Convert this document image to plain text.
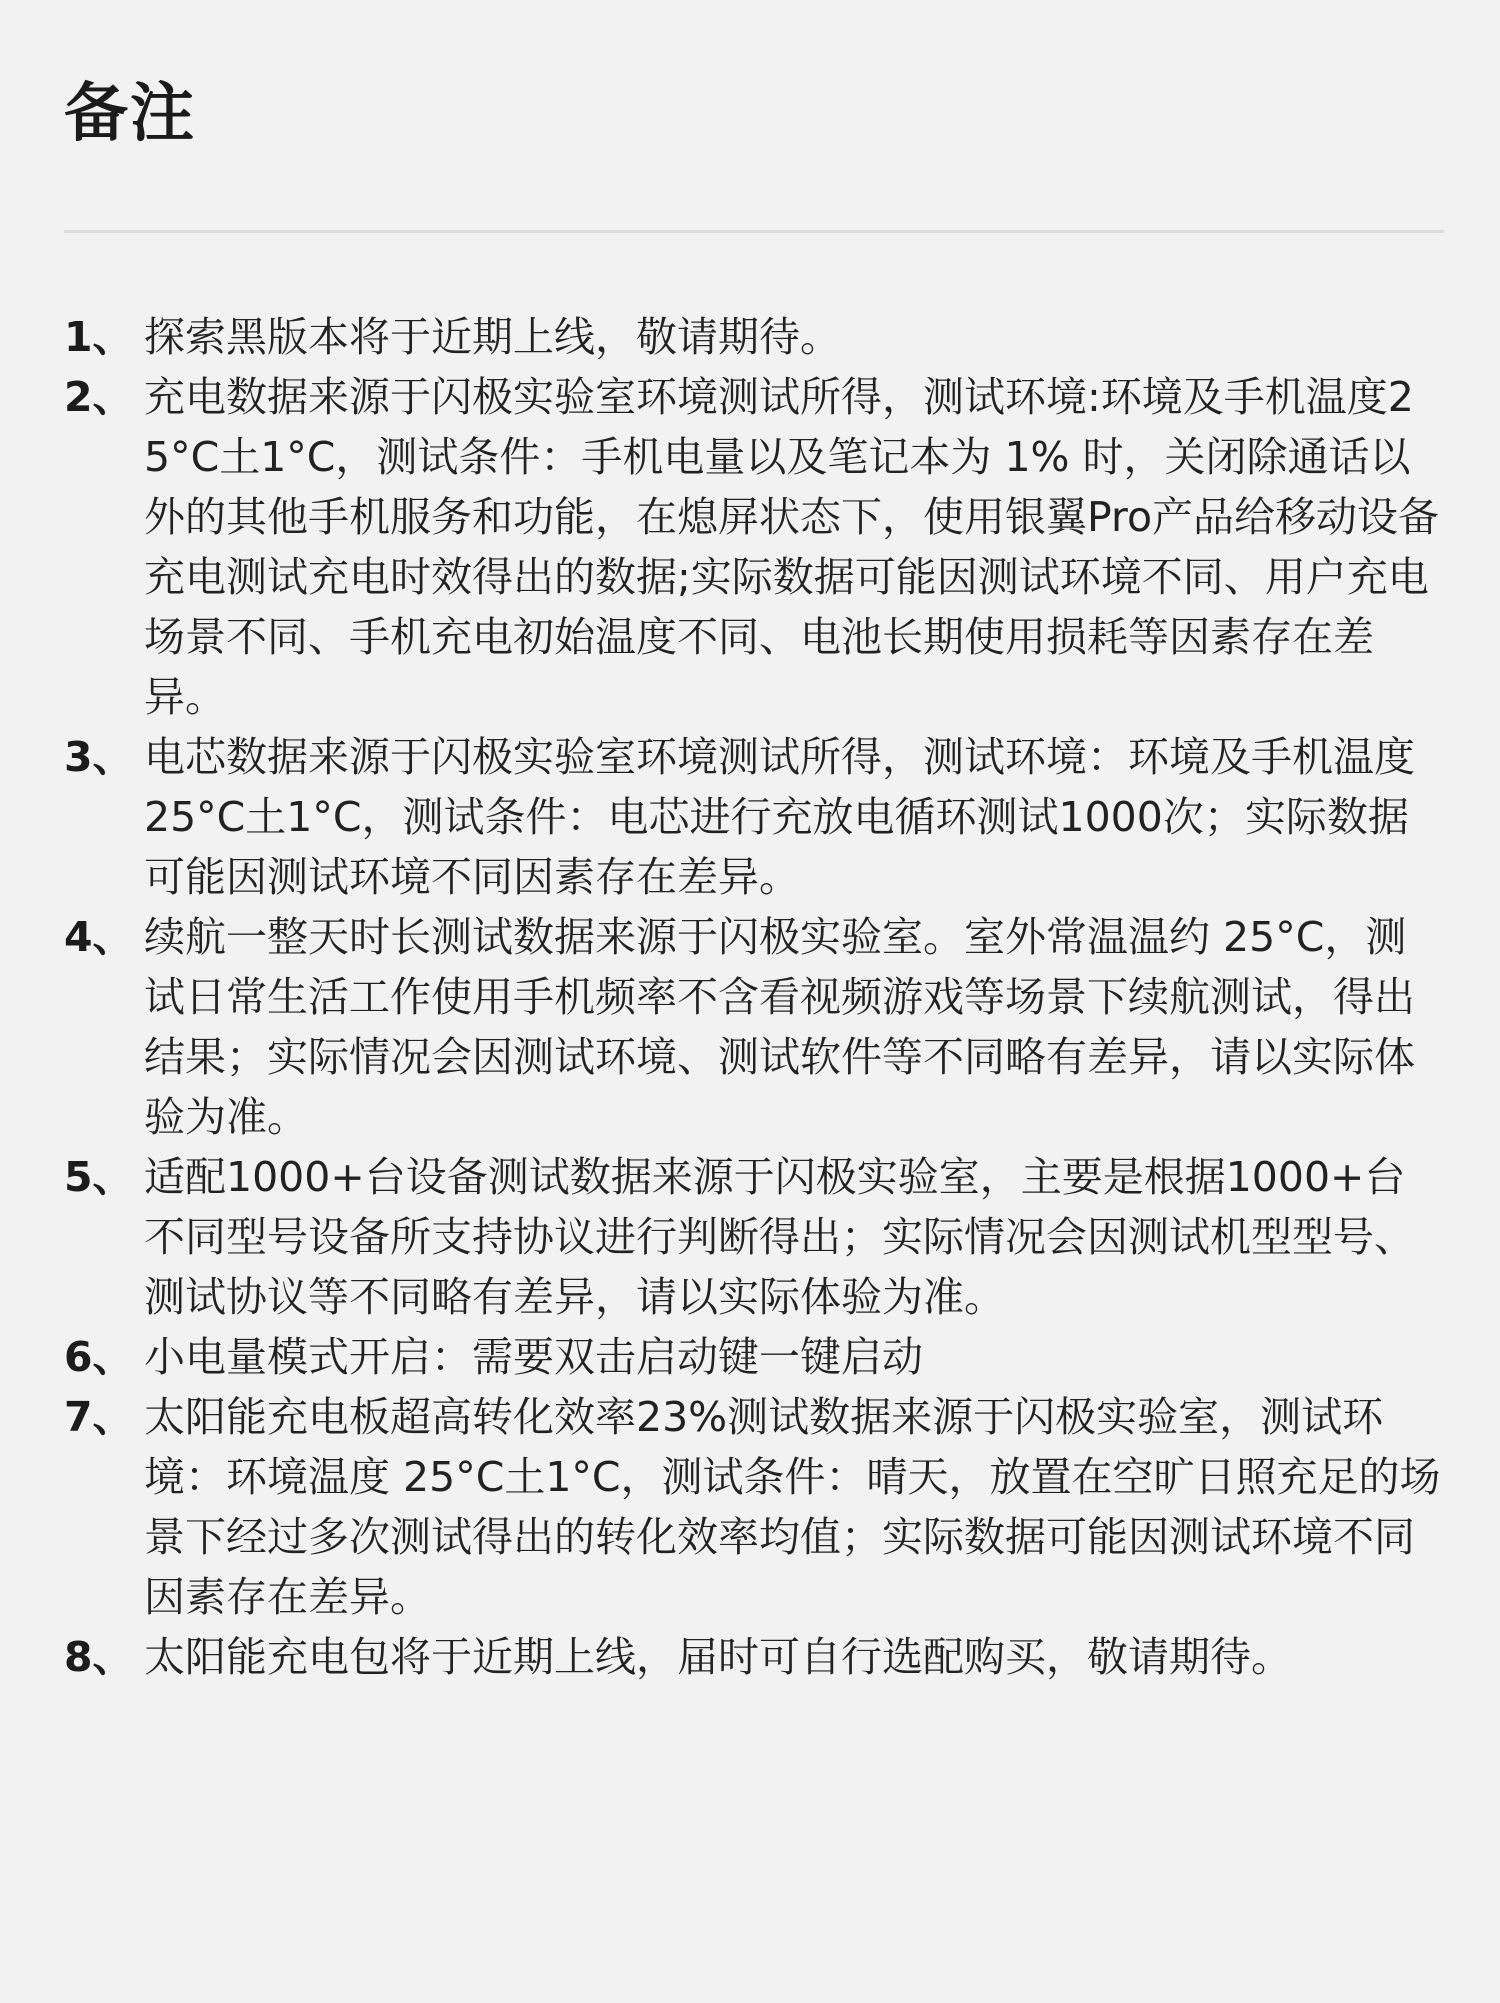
备注
1、 探索黑版本将于近期上线，敬请期待。
2、 充电数据来源于闪极实验室环境测试所得，测试环境:环境及手机温度25°C土1°C，测试条件：手机电量以及笔记本为 1% 时，关闭除通话以外的其他手机服务和功能，在熄屏状态下，使用银翼Pro产品给移动设备充电测试充电时效得出的数据;实际数据可能因测试环境不同、用户充电场景不同、手机充电初始温度不同、电池长期使用损耗等因素存在差异。
3、 电芯数据来源于闪极实验室环境测试所得，测试环境：环境及手机温度 25°C土1°C，测试条件：电芯进行充放电循环测试1000次；实际数据可能因测试环境不同因素存在差异。
4、 续航一整天时长测试数据来源于闪极实验室。室外常温温约 25°C，测试日常生活工作使用手机频率不含看视频游戏等场景下续航测试，得出结果；实际情况会因测试环境、测试软件等不同略有差异，请以实际体验为准。
5、 适配1000+台设备测试数据来源于闪极实验室，主要是根据1000+台不同型号设备所支持协议进行判断得出；实际情况会因测试机型型号、测试协议等不同略有差异，请以实际体验为准。
6、 小电量模式开启：需要双击启动键一键启动
7、 太阳能充电板超高转化效率23%测试数据来源于闪极实验室，测试环境：环境温度 25°C土1°C，测试条件：晴天，放置在空旷日照充足的场景下经过多次测试得出的转化效率均值；实际数据可能因测试环境不同因素存在差异。
8、 太阳能充电包将于近期上线，届时可自行选配购买，敬请期待。
